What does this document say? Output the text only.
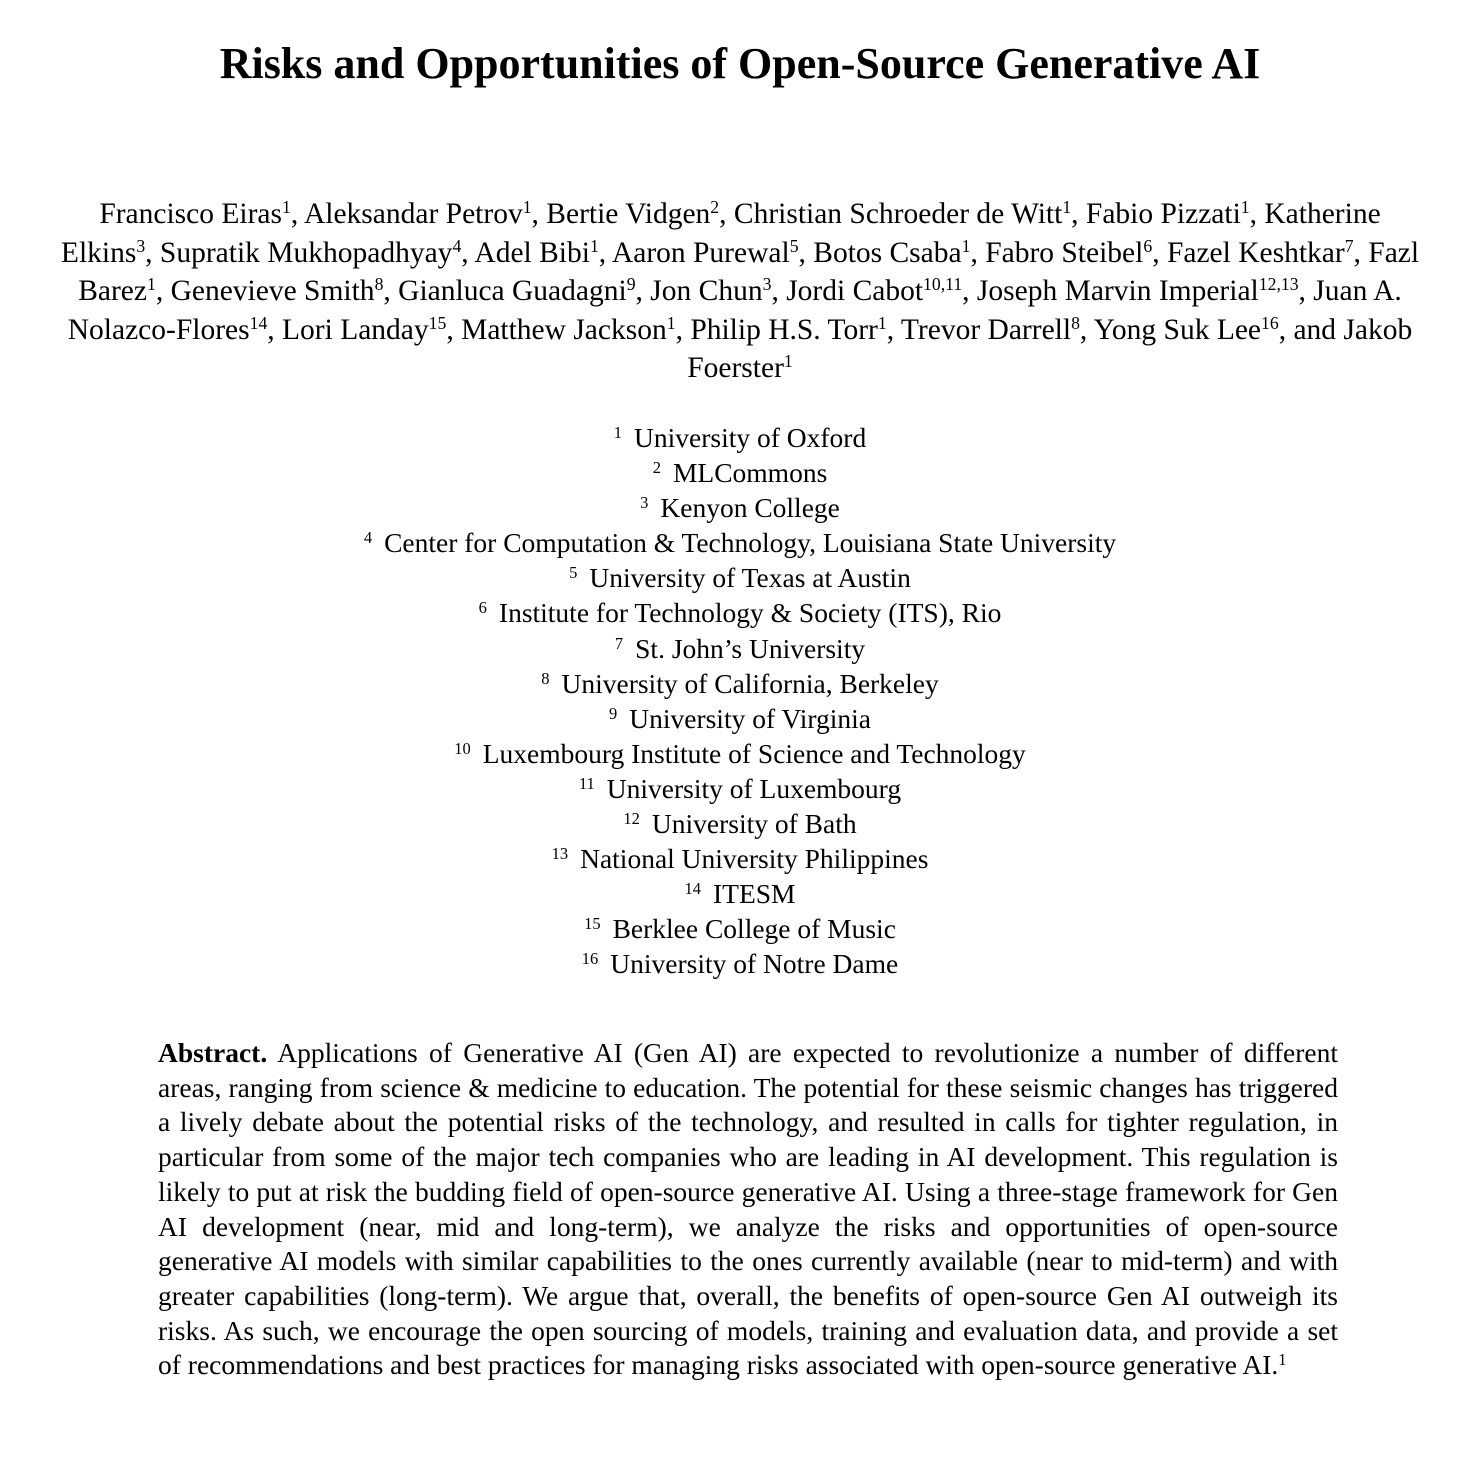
Risks and Opportunities of Open-Source Generative AI

Francisco Eiras$^1$, Aleksandar Petrov$^1$, Bertie Vidgen$^2$, Christian Schroeder de Witt$^1$, Fabio Pizzati$^1$, Katherine Elkins$^3$, Supratik Mukhopadhyay$^4$, Adel Bibi$^1$, Aaron Purewal$^5$, Botos Csaba$^1$, Fabro Steibel$^6$, Fazel Keshtkar$^7$, Fazl Barez$^1$, Genevieve Smith$^8$, Gianluca Guadagni$^9$, Jon Chun$^3$, Jordi Cabot$^{10,11}$, Joseph Marvin Imperial$^{12,13}$, Juan A. Nolazco-Flores$^{14}$, Lori Landay$^{15}$, Matthew Jackson$^1$, Philip H.S. Torr$^1$, Trevor Darrell$^8$, Yong Suk Lee$^{16}$, and Jakob Foerster$^1$

$^1$ University of Oxford
$^2$ MLCommons
$^3$ Kenyon College
$^4$ Center for Computation & Technology, Louisiana State University
$^5$ University of Texas at Austin
$^6$ Institute for Technology & Society (ITS), Rio
$^7$ St. John’s University
$^8$ University of California, Berkeley
$^9$ University of Virginia
$^{10}$ Luxembourg Institute of Science and Technology
$^{11}$ University of Luxembourg
$^{12}$ University of Bath
$^{13}$ National University Philippines
$^{14}$ ITESM
$^{15}$ Berklee College of Music
$^{16}$ University of Notre Dame

Abstract. Applications of Generative AI (Gen AI) are expected to revolutionize a number of different areas, ranging from science & medicine to education. The potential for these seismic changes has triggered a lively debate about the potential risks of the technology, and resulted in calls for tighter regulation, in particular from some of the major tech companies who are leading in AI development. This regulation is likely to put at risk the budding field of open-source generative AI. Using a three-stage framework for Gen AI development (near, mid and long-term), we analyze the risks and opportunities of open-source generative AI models with similar capabilities to the ones currently available (near to mid-term) and with greater capabilities (long-term). We argue that, overall, the benefits of open-source Gen AI outweigh its risks. As such, we encourage the open sourcing of models, training and evaluation data, and provide a set of recommendations and best practices for managing risks associated with open-source generative AI.$^1$
